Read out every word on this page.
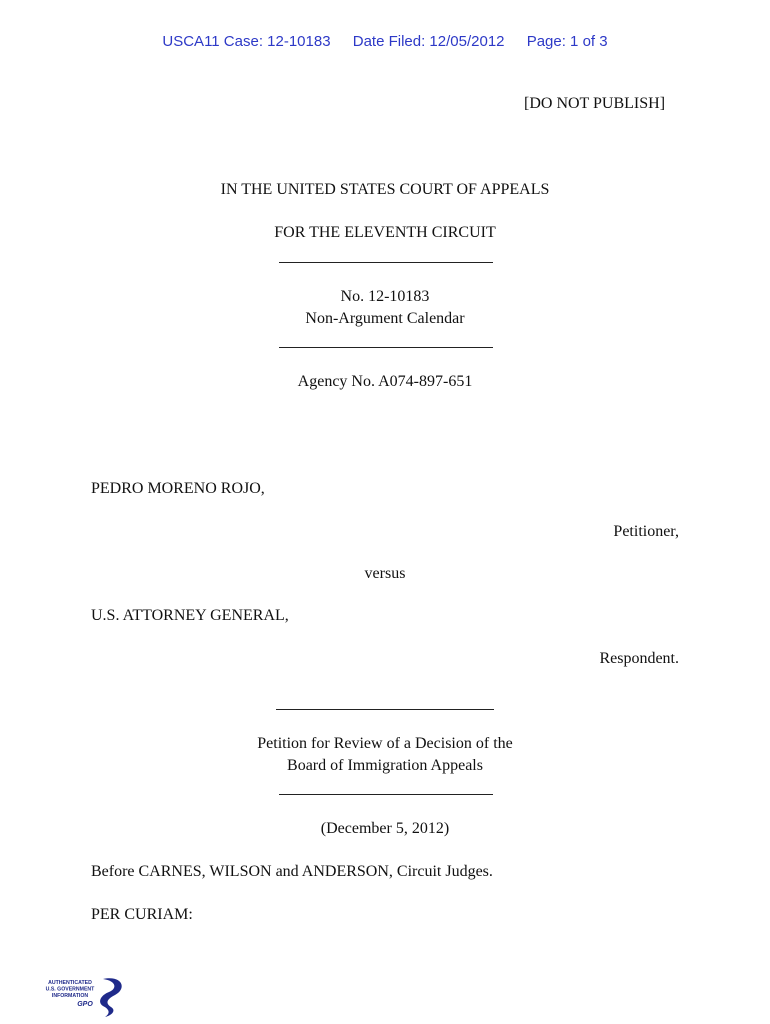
USCA11 Case: 12-10183 Date Filed: 12/05/2012 Page: 1 of 3
[DO NOT PUBLISH]
IN THE UNITED STATES COURT OF APPEALS
FOR THE ELEVENTH CIRCUIT
No. 12-10183
Non-Argument Calendar
Agency No. A074-897-651
PEDRO MORENO ROJO,
Petitioner,
versus
U.S. ATTORNEY GENERAL,
Respondent.
Petition for Review of a Decision of the
Board of Immigration Appeals
(December 5, 2012)
Before CARNES, WILSON and ANDERSON, Circuit Judges.
PER CURIAM:
AUTHENTICATED
U.S. GOVERNMENT
INFORMATION
GPO
